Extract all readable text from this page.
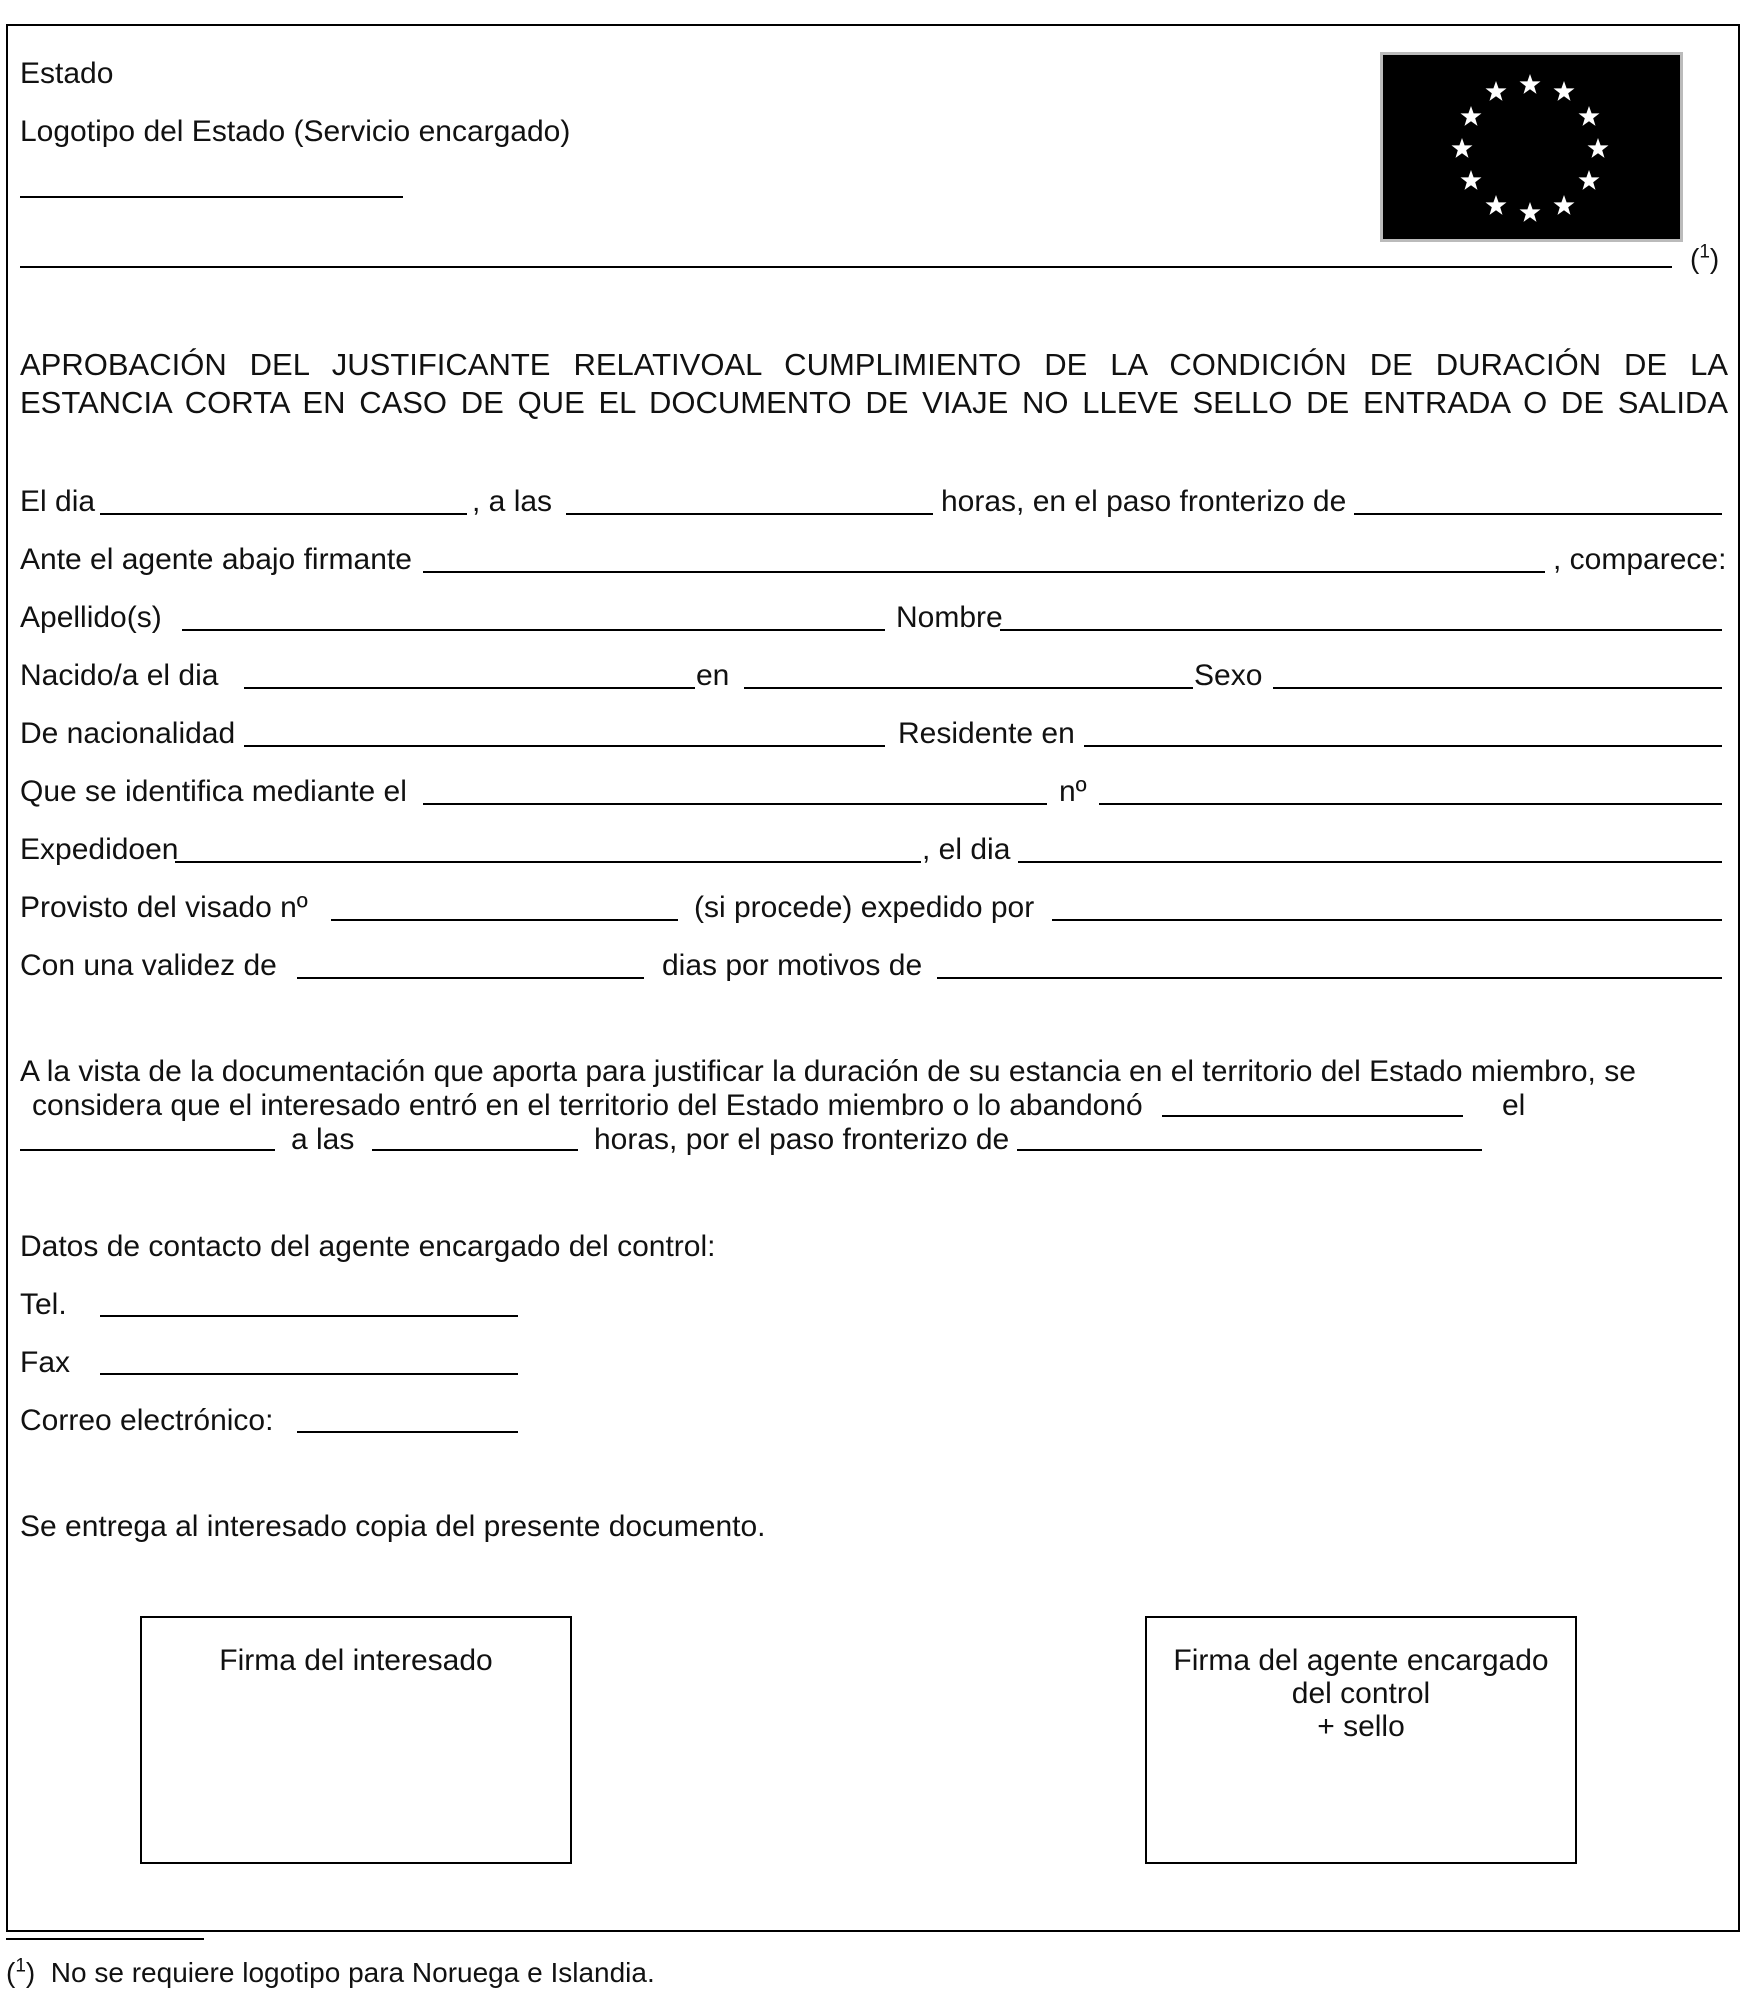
Estado
Logotipo del Estado (Servicio encargado)
($^1$)
APROBACIÓN DEL JUSTIFICANTE RELATIVOAL CUMPLIMIENTO DE LA CONDICIÓN DE DURACIÓN DE LA ESTANCIA CORTA EN CASO DE QUE EL DOCUMENTO DE VIAJE NO LLEVE SELLO DE ENTRADA O DE SALIDA
El dia	, a las	horas, en el paso fronterizo de
Ante el agente abajo firmante	, comparece:
Apellido(s)	Nombre
Nacido/a el dia	en	Sexo
De nacionalidad	Residente en
Que se identifica mediante el	nº
Expedidoen	, el dia
Provisto del visado nº	(si procede) expedido por
Con una validez de	dias por motivos de
A la vista de la documentación que aporta para justificar la duración de su estancia en el territorio del Estado miembro, se
considera que el interesado entró en el territorio del Estado miembro o lo abandonó	el
a las	horas, por el paso fronterizo de
Datos de contacto del agente encargado del control:
Tel.
Fax
Correo electrónico:
Se entrega al interesado copia del presente documento.
Firma del interesado	Firma del agente encargado
del control
+ sello
($^1$)  No se requiere logotipo para Noruega e Islandia.
